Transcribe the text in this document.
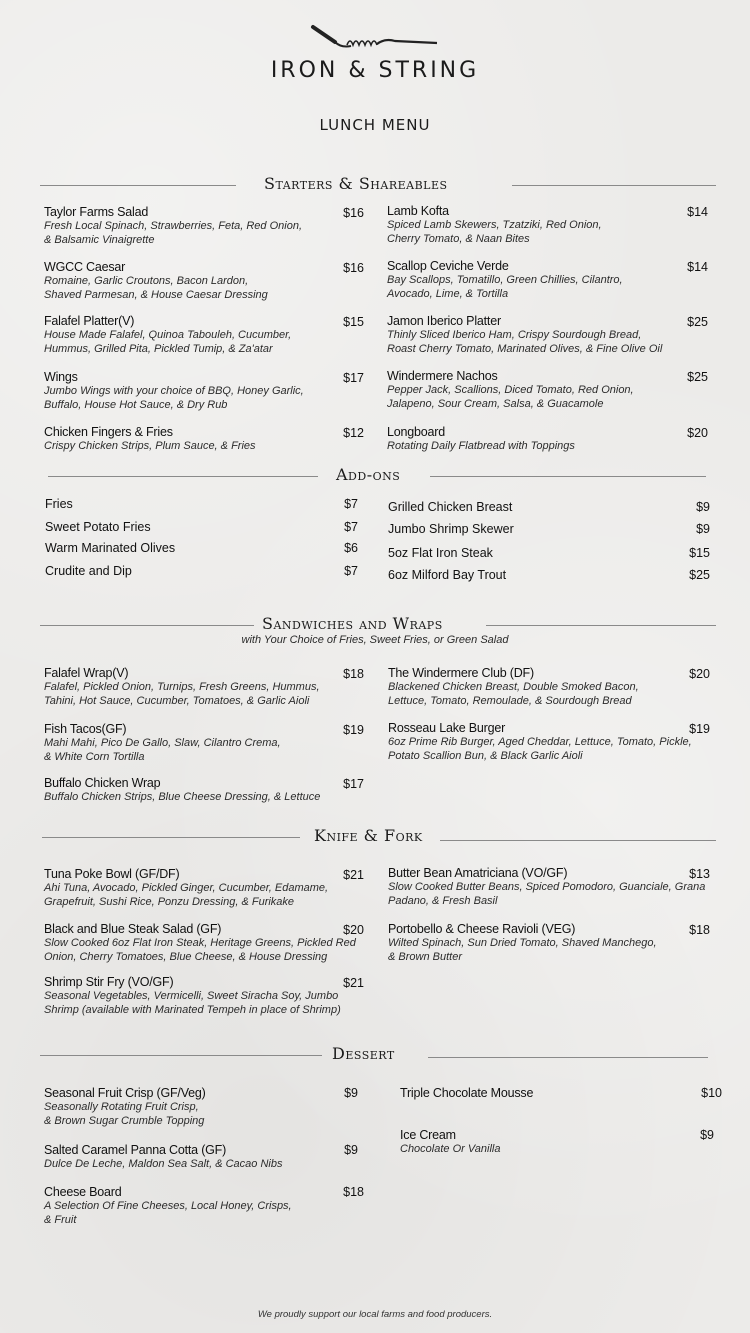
IRON & STRING
LUNCH MENU
Starters & Shareables
Taylor Farms Salad
Fresh Local Spinach, Strawberries, Feta, Red Onion,
& Balsamic Vinaigrette
$16
WGCC Caesar
Romaine, Garlic Croutons, Bacon Lardon,
Shaved Parmesan, & House Caesar Dressing
$16
Falafel Platter(V)
House Made Falafel, Quinoa Tabouleh, Cucumber,
Hummus, Grilled Pita, Pickled Tumip, & Za'atar
$15
Wings
Jumbo Wings with your choice of BBQ, Honey Garlic,
Buffalo, House Hot Sauce, & Dry Rub
$17
Chicken Fingers & Fries
Crispy Chicken Strips, Plum Sauce, & Fries
$12
Lamb Kofta
Spiced Lamb Skewers, Tzatziki, Red Onion,
Cherry Tomato, & Naan Bites
$14
Scallop Ceviche Verde
Bay Scallops, Tomatillo, Green Chillies, Cilantro,
Avocado, Lime, & Tortilla
$14
Jamon Iberico Platter
Thinly Sliced Iberico Ham, Crispy Sourdough Bread,
Roast Cherry Tomato, Marinated Olives, & Fine Olive Oil
$25
Windermere Nachos
Pepper Jack, Scallions, Diced Tomato, Red Onion,
Jalapeno, Sour Cream, Salsa, & Guacamole
$25
Longboard
Rotating Daily Flatbread with Toppings
$20
Add-ons
Fries	$7
Sweet Potato Fries	$7
Warm Marinated Olives	$6
Crudite and Dip	$7
Grilled Chicken Breast	$9
Jumbo Shrimp Skewer	$9
5oz Flat Iron Steak	$15
6oz Milford Bay Trout	$25
Sandwiches and Wraps
with Your Choice of Fries, Sweet Fries, or Green Salad
Falafel Wrap(V)
Falafel, Pickled Onion, Turnips, Fresh Greens, Hummus,
Tahini, Hot Sauce, Cucumber, Tomatoes, & Garlic Aioli
$18
Fish Tacos(GF)
Mahi Mahi, Pico De Gallo, Slaw, Cilantro Crema,
& White Corn Tortilla
$19
Buffalo Chicken Wrap
Buffalo Chicken Strips, Blue Cheese Dressing, & Lettuce
$17
The Windermere Club (DF)
Blackened Chicken Breast, Double Smoked Bacon,
Lettuce, Tomato, Remoulade, & Sourdough Bread
$20
Rosseau Lake Burger
6oz Prime Rib Burger, Aged Cheddar, Lettuce, Tomato, Pickle,
Potato Scallion Bun, & Black Garlic Aioli
$19
Knife & Fork
Tuna Poke Bowl (GF/DF)
Ahi Tuna, Avocado, Pickled Ginger, Cucumber, Edamame,
Grapefruit, Sushi Rice, Ponzu Dressing, & Furikake
$21
Black and Blue Steak Salad (GF)
Slow Cooked 6oz Flat Iron Steak, Heritage Greens, Pickled Red
Onion, Cherry Tomatoes, Blue Cheese, & House Dressing
$20
Shrimp Stir Fry (VO/GF)
Seasonal Vegetables, Vermicelli, Sweet Siracha Soy, Jumbo
Shrimp (available with Marinated Tempeh in place of Shrimp)
$21
Butter Bean Amatriciana (VO/GF)
Slow Cooked Butter Beans, Spiced Pomodoro, Guanciale, Grana
Padano, & Fresh Basil
$13
Portobello & Cheese Ravioli (VEG)
Wilted Spinach, Sun Dried Tomato, Shaved Manchego,
& Brown Butter
$18
Dessert
Seasonal Fruit Crisp (GF/Veg)
Seasonally Rotating Fruit Crisp,
& Brown Sugar Crumble Topping
$9
Salted Caramel Panna Cotta (GF)
Dulce De Leche, Maldon Sea Salt, & Cacao Nibs
$9
Cheese Board
A Selection Of Fine Cheeses, Local Honey, Crisps,
& Fruit
$18
Triple Chocolate Mousse	$10
Ice Cream
Chocolate Or Vanilla
$9
We proudly support our local farms and food producers.
